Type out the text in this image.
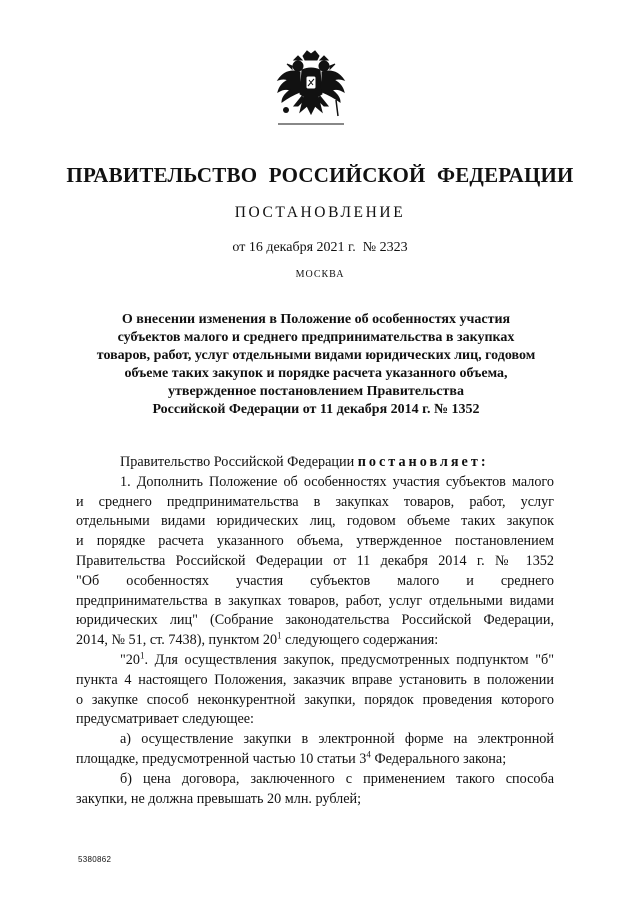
ПРАВИТЕЛЬСТВО РОССИЙСКОЙ ФЕДЕРАЦИИ
ПОСТАНОВЛЕНИЕ
от 16 декабря 2021 г. № 2323
МОСКВА
О внесении изменения в Положение об особенностях участия
субъектов малого и среднего предпринимательства в закупках
товаров, работ, услуг отдельными видами юридических лиц, годовом
объеме таких закупок и порядке расчета указанного объема,
утвержденное постановлением Правительства
Российской Федерации от 11 декабря 2014 г. № 1352
Правительство Российской Федерации постановляет:
1. Дополнить Положение об особенностях участия субъектов малого
и среднего предпринимательства в закупках товаров, работ, услуг
отдельными видами юридических лиц, годовом объеме таких закупок
и порядке расчета указанного объема, утвержденное постановлением
Правительства Российской Федерации от 11 декабря 2014 г. № 1352
"Об особенностях участия субъектов малого и среднего
предпринимательства в закупках товаров, работ, услуг отдельными видами
юридических лиц" (Собрание законодательства Российской Федерации,
2014, № 51, ст. 7438), пунктом $20^1$ следующего содержания:
"$20^1$. Для осуществления закупок, предусмотренных подпунктом "б"
пункта 4 настоящего Положения, заказчик вправе установить в положении
о закупке способ неконкурентной закупки, порядок проведения которого
предусматривает следующее:
а) осуществление закупки в электронной форме на электронной
площадке, предусмотренной частью 10 статьи $3^4$ Федерального закона;
б) цена договора, заключенного с применением такого способа
закупки, не должна превышать 20 млн. рублей;
5380862
